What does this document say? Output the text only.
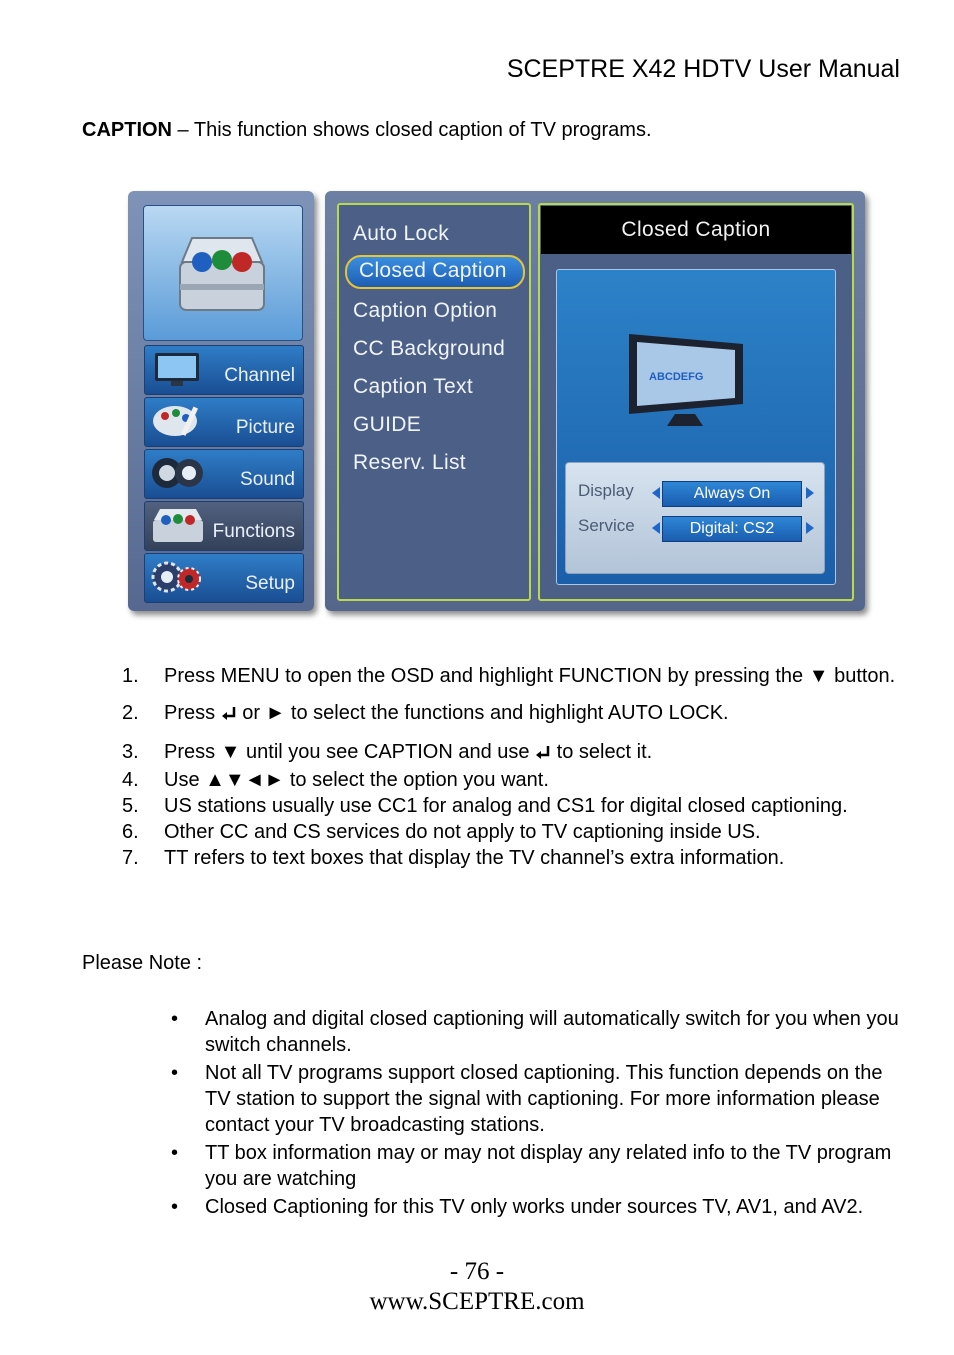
SCEPTRE X42 HDTV User Manual
CAPTION – This function shows closed caption of TV programs.
Channel
Picture
Sound
Functions
Setup
Auto Lock
Closed Caption
Caption Option
CC Background
Caption Text
GUIDE
Reserv. List
Closed Caption
ABCDEFG
Display	Always On
Service	Digital: CS2
1. Press MENU to open the OSD and highlight FUNCTION by pressing the ▼ button.
2. Press  or ► to select the functions and highlight AUTO LOCK.
3. Press ▼ until you see CAPTION and use  to select it.
4. Use ▲▼◄► to select the option you want.
5. US stations usually use CC1 for analog and CS1 for digital closed captioning.
6. Other CC and CS services do not apply to TV captioning inside US.
7. TT refers to text boxes that display the TV channel’s extra information.
Please Note :
• Analog and digital closed captioning will automatically switch for you when you switch channels.
• Not all TV programs support closed captioning. This function depends on the TV station to support the signal with captioning. For more information please contact your TV broadcasting stations.
• TT box information may or may not display any related info to the TV program you are watching
• Closed Captioning for this TV only works under sources TV, AV1, and AV2.
- 76 -
www.SCEPTRE.com
